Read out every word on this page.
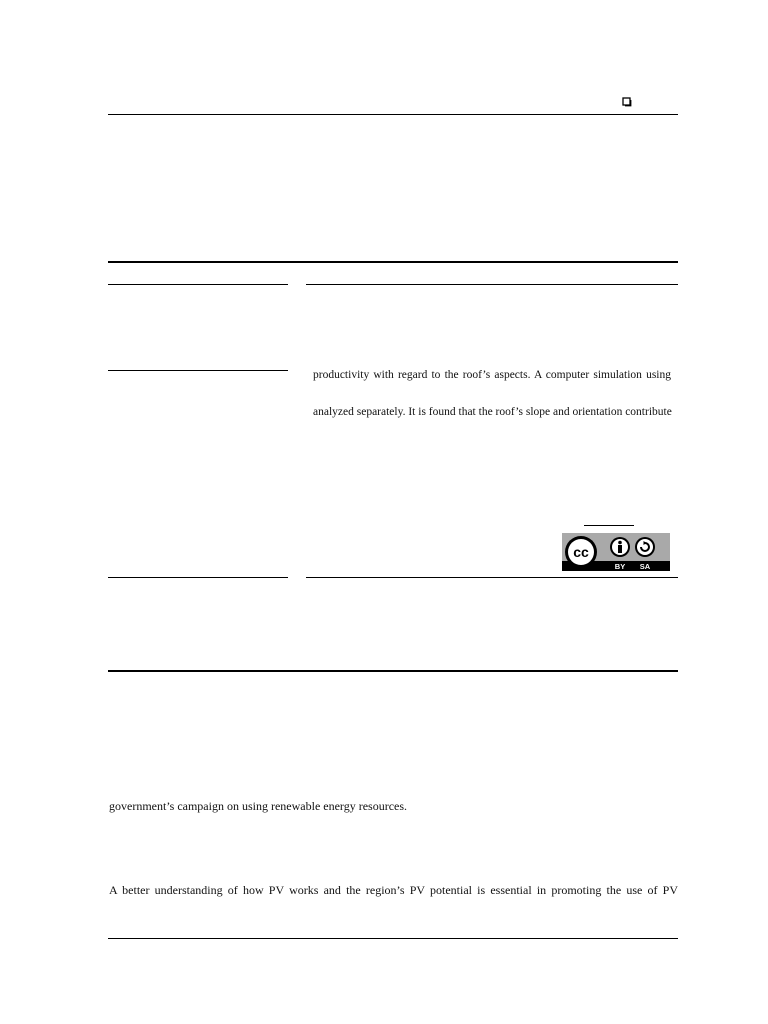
productivity with regard to the roof’s aspects. A computer simulation using
analyzed separately. It is found that the roof’s slope and orientation contribute
cc
BY SA
government’s campaign on using renewable energy resources.
A better understanding of how PV works and the region’s PV potential is essential in promoting the use of PV
